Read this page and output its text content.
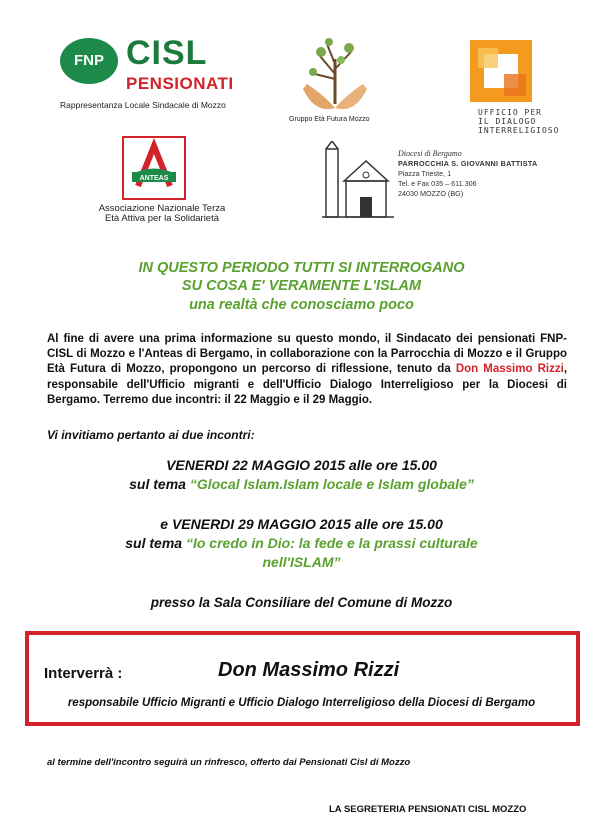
FNP CISL
PENSIONATI
Rappresentanza Locale Sindacale di Mozzo
Gruppo Età Futura Mozzo
UFFICIO PER
IL DIALOGO
INTERRELIGIOSO
ANTEAS
Associazione Nazionale Terza
Età Attiva per la Solidarietà
Diocesi di Bergamo
PARROCCHIA S. GIOVANNI BATTISTA
Piazza Trieste, 1
Tel. e Fax 035 – 611.306
24030 MOZZO (BG)
IN QUESTO PERIODO TUTTI SI INTERROGANO
SU COSA E' VERAMENTE L'ISLAM
una realtà che conosciamo poco
Al fine di avere una prima informazione su questo mondo, il Sindacato dei pensionati FNP-CISL di Mozzo e l'Anteas di Bergamo, in collaborazione con la Parrocchia di Mozzo e il Gruppo Età Futura di Mozzo, propongono un percorso di riflessione, tenuto da Don Massimo Rizzi, responsabile dell'Ufficio migranti e dell'Ufficio Dialogo Interreligioso per la Diocesi di Bergamo. Terremo due incontri: il 22 Maggio e il 29 Maggio.
Vi invitiamo pertanto ai due incontri:
VENERDI 22 MAGGIO 2015 alle ore 15.00
sul tema “Glocal Islam.Islam locale e Islam globale”
e VENERDI 29 MAGGIO 2015 alle ore 15.00
sul tema “Io credo in Dio: la fede e la prassi culturale
nell'ISLAM”
presso la Sala Consiliare del Comune di Mozzo
Interverrà :	Don Massimo Rizzi
responsabile Ufficio Migranti e Ufficio Dialogo Interreligioso della Diocesi di Bergamo
al termine dell'incontro seguirà un rinfresco, offerto dai Pensionati Cisl di Mozzo
LA SEGRETERIA PENSIONATI CISL MOZZO
